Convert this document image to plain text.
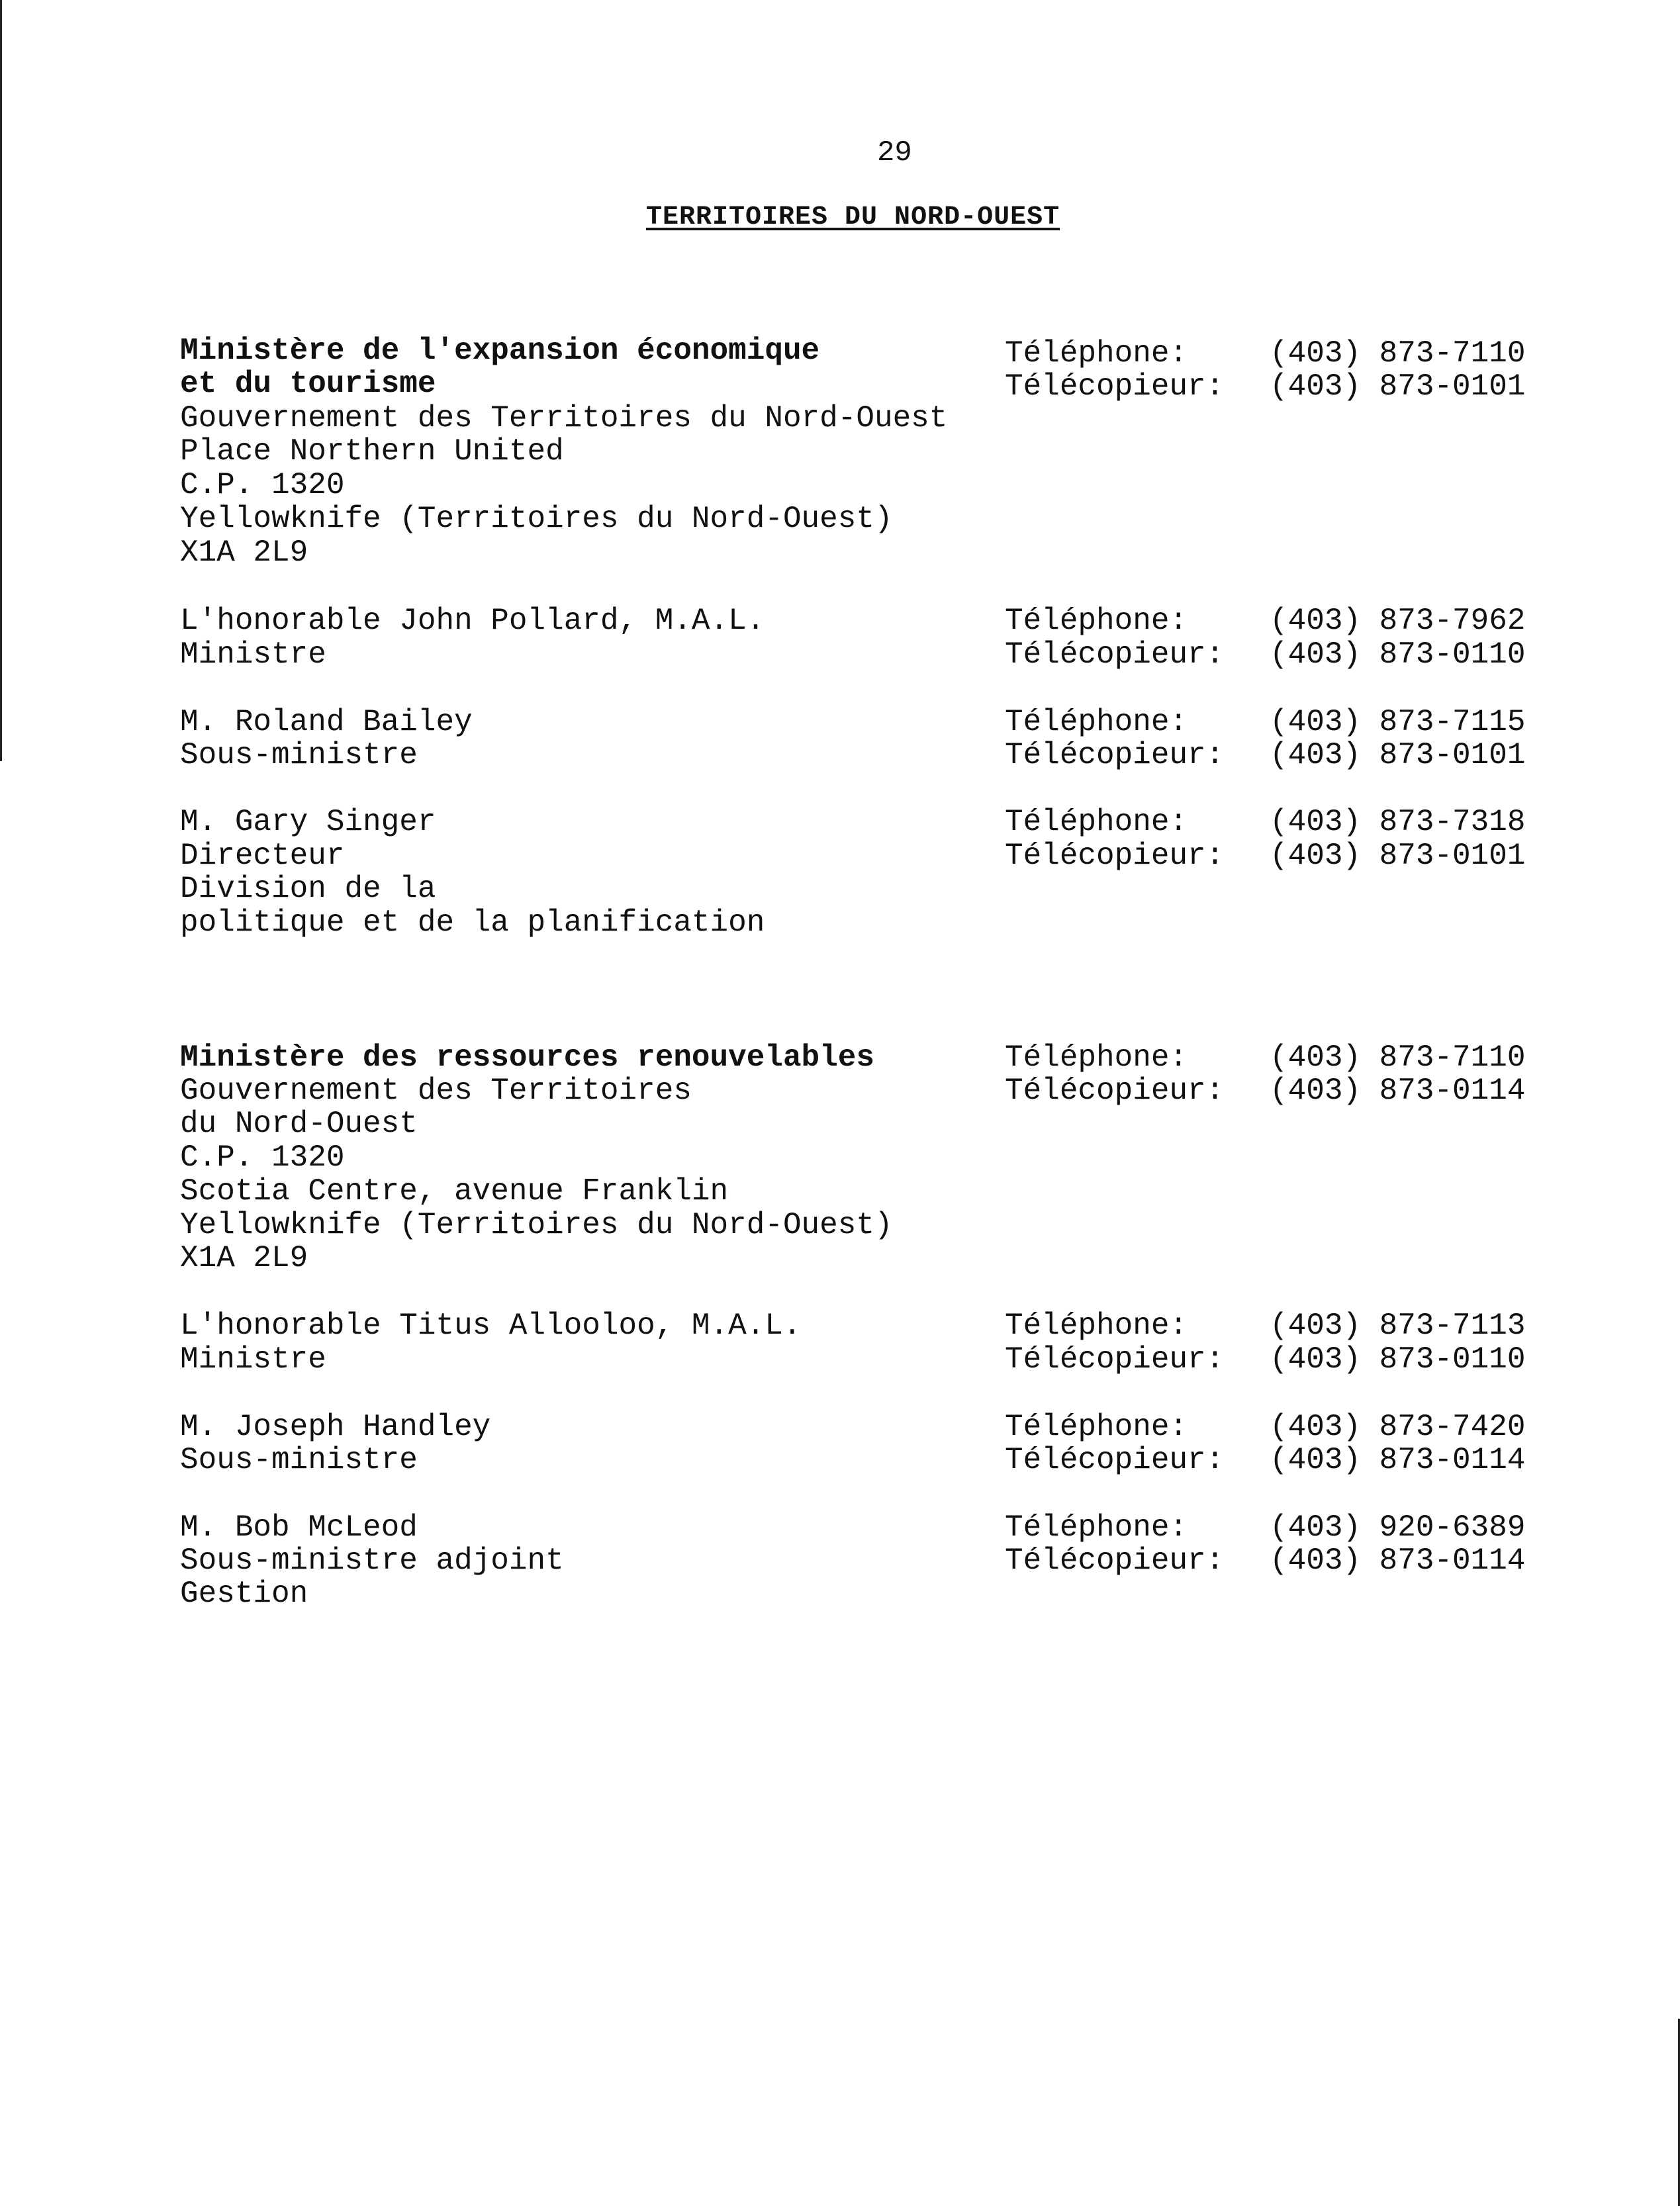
29
TERRITOIRES DU NORD-OUEST
Ministère de l'expansion économique	Téléphone:	(403) 873-7110
et du tourisme	Télécopieur: (403) 873-0101
Gouvernement des Territoires du Nord-Ouest
Place Northern United
C.P. 1320
Yellowknife (Territoires du Nord-Ouest)
X1A 2L9
L'honorable John Pollard, M.A.L.	Téléphone:	(403) 873-7962
Ministre	Télécopieur: (403) 873-0110
M. Roland Bailey	Téléphone:	(403) 873-7115
Sous-ministre	Télécopieur: (403) 873-0101
M. Gary Singer	Téléphone:	(403) 873-7318
Directeur	Télécopieur: (403) 873-0101
Division de la
politique et de la planification
Ministère des ressources renouvelables	Téléphone:	(403) 873-7110
Gouvernement des Territoires	Télécopieur: (403) 873-0114
du Nord-Ouest
C.P. 1320
Scotia Centre, avenue Franklin
Yellowknife (Territoires du Nord-Ouest)
X1A 2L9
L'honorable Titus Allooloo, M.A.L.	Téléphone:	(403) 873-7113
Ministre	Télécopieur: (403) 873-0110
M. Joseph Handley	Téléphone:	(403) 873-7420
Sous-ministre	Télécopieur: (403) 873-0114
M. Bob McLeod	Téléphone:	(403) 920-6389
Sous-ministre adjoint	Télécopieur: (403) 873-0114
Gestion
